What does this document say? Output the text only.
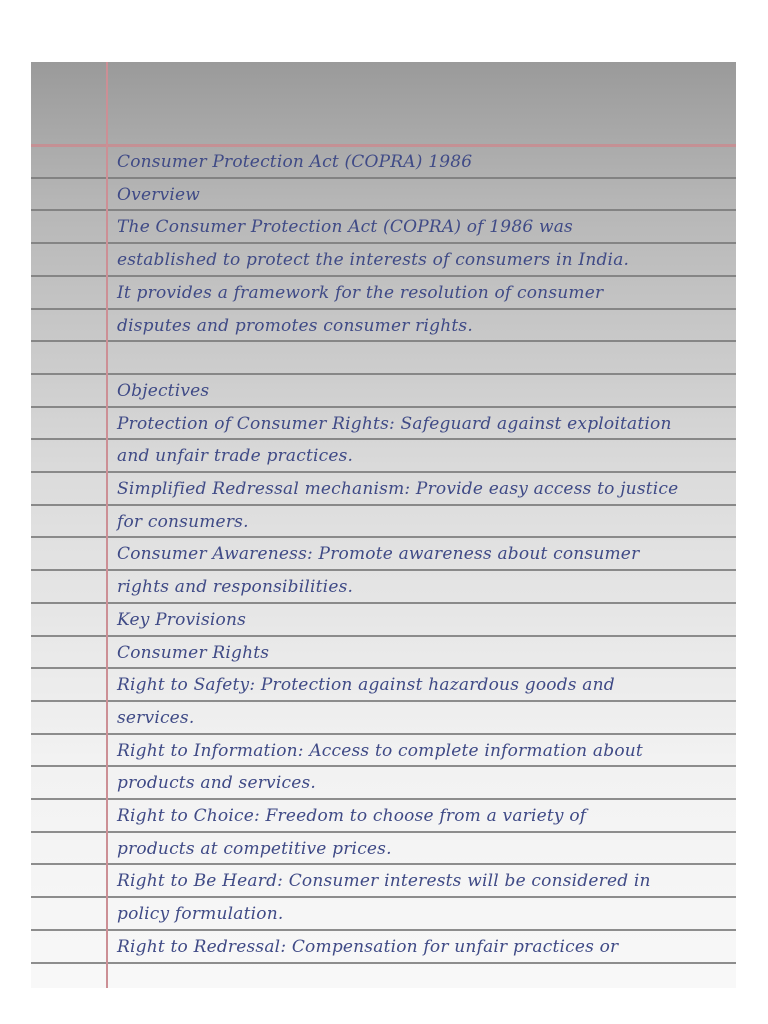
Consumer Protection Act (COPRA) 1986
Overview
The Consumer Protection Act (COPRA) of 1986 was
established to protect the interests of consumers in India.
It provides a framework for the resolution of consumer
disputes and promotes consumer rights.
Objectives
Protection of Consumer Rights: Safeguard against exploitation
and unfair trade practices.
Simplified Redressal mechanism: Provide easy access to justice
for consumers.
Consumer Awareness: Promote awareness about consumer
rights and responsibilities.
Key Provisions
Consumer Rights
Right to Safety: Protection against hazardous goods and
services.
Right to Information: Access to complete information about
products and services.
Right to Choice: Freedom to choose from a variety of
products at competitive prices.
Right to Be Heard: Consumer interests will be considered in
policy formulation.
Right to Redressal: Compensation for unfair practices or
